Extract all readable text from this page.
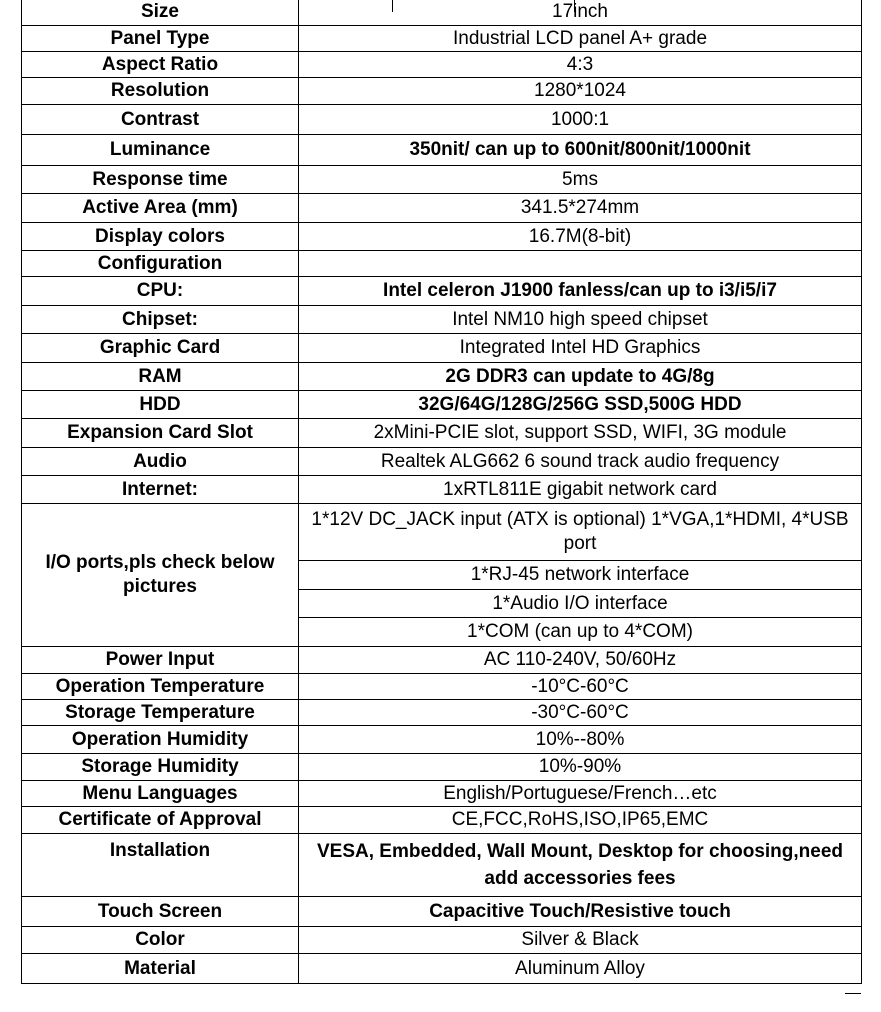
Size	17inch
Panel Type	Industrial LCD panel A+ grade
Aspect Ratio	4:3
Resolution	1280*1024
Contrast	1000:1
Luminance	350nit/ can up to 600nit/800nit/1000nit
Response time	5ms
Active Area (mm)	341.5*274mm
Display colors	16.7M(8-bit)
Configuration	
CPU:	Intel celeron J1900 fanless/can up to i3/i5/i7
Chipset:	Intel NM10 high speed chipset
Graphic Card	Integrated Intel HD Graphics
RAM	2G DDR3 can update to 4G/8g
HDD	32G/64G/128G/256G SSD,500G HDD
Expansion Card Slot	2xMini-PCIE slot, support SSD, WIFI, 3G module
Audio	Realtek ALG662 6 sound track audio frequency
Internet:	1xRTL811E gigabit network card
I/O ports,pls check below pictures	1*12V DC_JACK input (ATX is optional) 1*VGA,1*HDMI, 4*USB port
	1*RJ-45 network interface
	1*Audio I/O interface
	1*COM (can up to 4*COM)
Power Input	AC 110-240V, 50/60Hz
Operation Temperature	-10°C-60°C
Storage Temperature	-30°C-60°C
Operation Humidity	10%--80%
Storage Humidity	10%-90%
Menu Languages	English/Portuguese/French…etc
Certificate of Approval	CE,FCC,RoHS,ISO,IP65,EMC
Installation	VESA, Embedded, Wall Mount, Desktop for choosing,need add accessories fees
Touch Screen	Capacitive Touch/Resistive touch
Color	Silver & Black
Material	Aluminum Alloy
